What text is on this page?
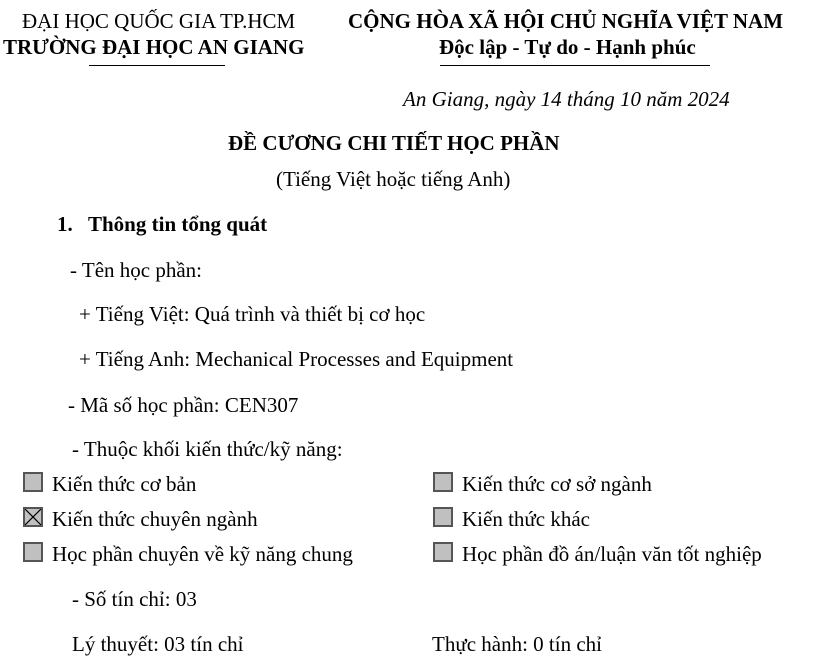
ĐẠI HỌC QUỐC GIA TP.HCM
TRƯỜNG ĐẠI HỌC AN GIANG
CỘNG HÒA XÃ HỘI CHỦ NGHĨA VIỆT NAM
Độc lập - Tự do - Hạnh phúc
An Giang, ngày 14 tháng 10 năm 2024
ĐỀ CƯƠNG CHI TIẾT HỌC PHẦN
(Tiếng Việt hoặc tiếng Anh)
1. Thông tin tổng quát
- Tên học phần:
+ Tiếng Việt: Quá trình và thiết bị cơ học
+ Tiếng Anh: Mechanical Processes and Equipment
- Mã số học phần: CEN307
- Thuộc khối kiến thức/kỹ năng:
Kiến thức cơ bản	Kiến thức cơ sở ngành
Kiến thức chuyên ngành	Kiến thức khác
Học phần chuyên về kỹ năng chung	Học phần đồ án/luận văn tốt nghiệp
- Số tín chỉ: 03
Lý thuyết: 03 tín chỉ	Thực hành: 0 tín chỉ
